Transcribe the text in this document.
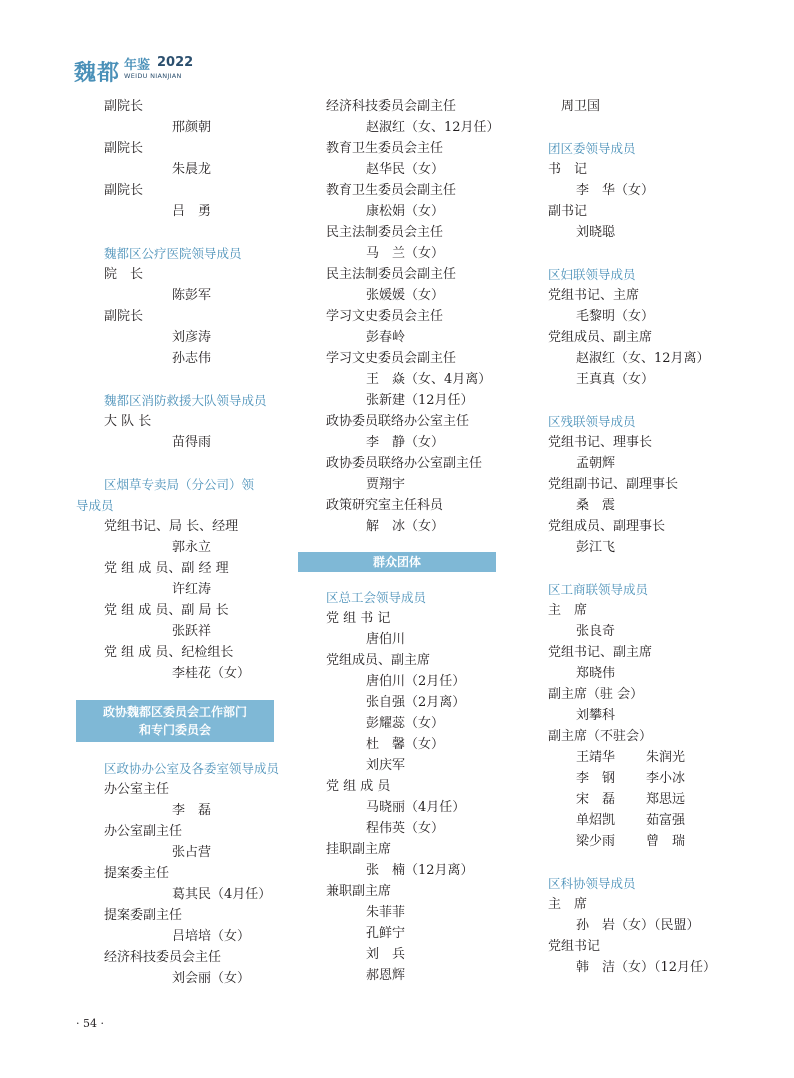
魏都 年鉴 2022
WEIDU NIANJIAN
副院长
邢颜朝
副院长
朱晨龙
副院长
吕　勇
魏都区公疗医院领导成员
院　长
陈彭军
副院长
刘彦涛
孙志伟
魏都区消防救援大队领导成员
大 队 长
苗得雨
区烟草专卖局（分公司）领
导成员
党组书记、局 长、经理
郭永立
党 组 成 员、副 经 理
许红涛
党 组 成 员、副 局 长
张跃祥
党 组 成 员、纪检组长
李桂花（女）
政协魏都区委员会工作部门
和专门委员会
区政协办公室及各委室领导成员
办公室主任
李　磊
办公室副主任
张占营
提案委主任
葛其民（4月任）
提案委副主任
吕培培（女）
经济科技委员会主任
刘会丽（女）
经济科技委员会副主任
赵淑红（女、12月任）
教育卫生委员会主任
赵华民（女）
教育卫生委员会副主任
康松娟（女）
民主法制委员会主任
马　兰（女）
民主法制委员会副主任
张媛媛（女）
学习文史委员会主任
彭春岭
学习文史委员会副主任
王　焱（女、4月离）
张新建（12月任）
政协委员联络办公室主任
李　静（女）
政协委员联络办公室副主任
贾翔宇
政策研究室主任科员
解　冰（女）
群众团体
区总工会领导成员
党 组 书 记
唐伯川
党组成员、副主席
唐伯川（2月任）
张自强（2月离）
彭耀蕊（女）
杜　馨（女）
刘庆军
党 组 成 员
马晓丽（4月任）
程伟英（女）
挂职副主席
张　楠（12月离）
兼职副主席
朱菲菲
孔鲜宁
刘　兵
郝恩辉
周卫国
团区委领导成员
书　记
李　华（女）
副书记
刘晓聪
区妇联领导成员
党组书记、主席
毛黎明（女）
党组成员、副主席
赵淑红（女、12月离）
王真真（女）
区残联领导成员
党组书记、理事长
孟朝辉
党组副书记、副理事长
桑　震
党组成员、副理事长
彭江飞
区工商联领导成员
主　席
张良奇
党组书记、副主席
郑晓伟
副主席（驻 会）
刘攀科
副主席（不驻会）
王靖华 朱润光
李　钢 李小冰
宋　磊 郑思远
单炤凯 茹富强
梁少雨 曾　瑞
区科协领导成员
主　席
孙　岩（女）（民盟）
党组书记
韩　洁（女）（12月任）
· 54 ·
